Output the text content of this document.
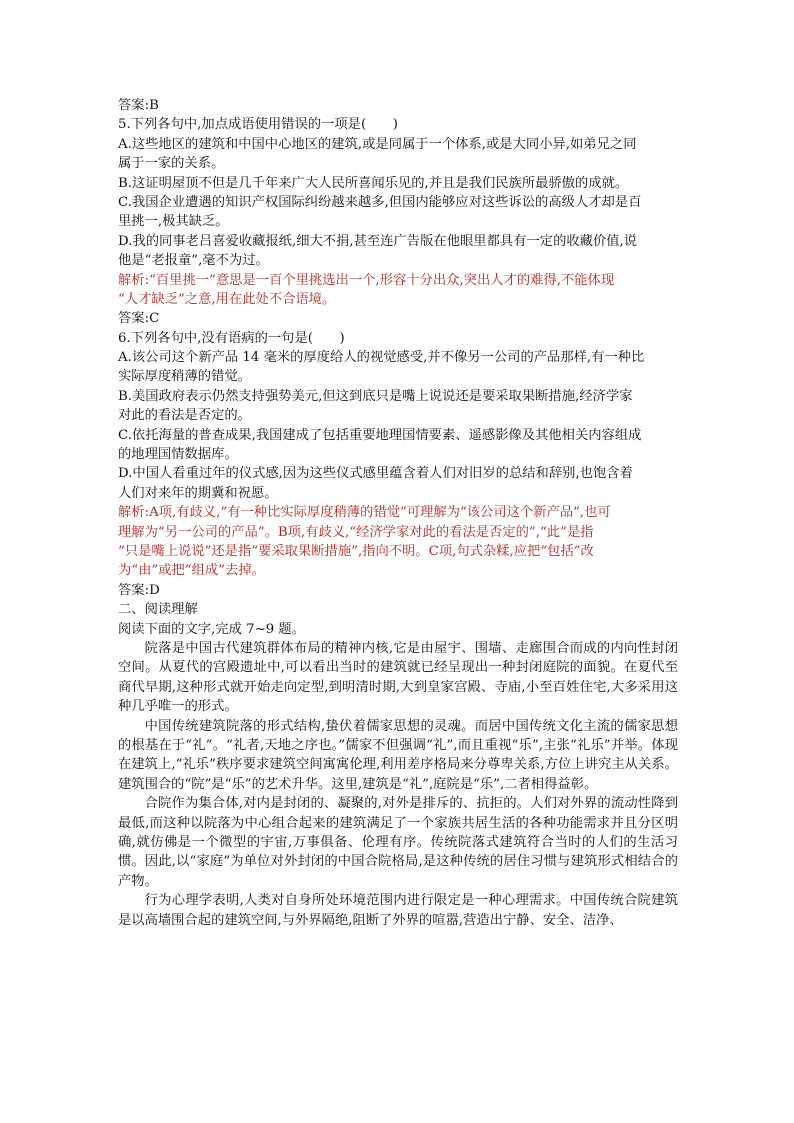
答案:B
5.下列各句中,加点成语使用错误的一项是(　　)
A.这些地区的建筑和中国中心地区的建筑,或是同属于一个体系,或是大同小异,如弟兄之同
属于一家的关系。
B.这证明屋顶不但是几千年来广大人民所喜闻乐见的,并且是我们民族所最骄傲的成就。
C.我国企业遭遇的知识产权国际纠纷越来越多,但国内能够应对这些诉讼的高级人才却是百
里挑一,极其缺乏。
D.我的同事老吕喜爱收藏报纸,细大不捐,甚至连广告版在他眼里都具有一定的收藏价值,说
他是“老报童”,毫不为过。
解析:“百里挑一”意思是一百个里挑选出一个,形容十分出众,突出人才的难得,不能体现
“人才缺乏”之意,用在此处不合语境。
答案:C
6.下列各句中,没有语病的一句是(　　)
A.该公司这个新产品 14 毫米的厚度给人的视觉感受,并不像另一公司的产品那样,有一种比
实际厚度稍薄的错觉。
B.美国政府表示仍然支持强势美元,但这到底只是嘴上说说还是要采取果断措施,经济学家
对此的看法是否定的。
C.依托海量的普查成果,我国建成了包括重要地理国情要素、遥感影像及其他相关内容组成
的地理国情数据库。
D.中国人看重过年的仪式感,因为这些仪式感里蕴含着人们对旧岁的总结和辞别,也饱含着
人们对来年的期冀和祝愿。
解析:A项,有歧义,“有一种比实际厚度稍薄的错觉”可理解为“该公司这个新产品”,也可
理解为“另一公司的产品”。B项,有歧义,“经济学家对此的看法是否定的”,“此”是指
“只是嘴上说说”还是指“要采取果断措施”,指向不明。C项,句式杂糅,应把“包括”改
为“由”或把“组成”去掉。
答案:D
二、阅读理解
阅读下面的文字,完成 7~9 题。
院落是中国古代建筑群体布局的精神内核,它是由屋宇、围墙、走廊围合而成的内向性封闭空间。从夏代的宫殿遗址中,可以看出当时的建筑就已经呈现出一种封闭庭院的面貌。在夏代至商代早期,这种形式就开始走向定型,到明清时期,大到皇家宫殿、寺庙,小至百姓住宅,大多采用这种几乎唯一的形式。
中国传统建筑院落的形式结构,蛰伏着儒家思想的灵魂。而居中国传统文化主流的儒家思想的根基在于“礼”。“礼者,天地之序也。”儒家不但强调“礼”,而且重视“乐”,主张“礼乐”并举。体现在建筑上,“礼乐”秩序要求建筑空间寓寓伦理,利用差序格局来分尊卑关系,方位上讲究主从关系。建筑围合的“院”是“乐”的艺术升华。这里,建筑是“礼”,庭院是“乐”,二者相得益彰。
合院作为集合体,对内是封闭的、凝聚的,对外是排斥的、抗拒的。人们对外界的流动性降到最低,而这种以院落为中心组合起来的建筑满足了一个家族共居生活的各种功能需求并且分区明确,就仿佛是一个微型的宇宙,万事俱备、伦理有序。传统院落式建筑符合当时的人们的生活习惯。因此,以“家庭”为单位对外封闭的中国合院格局,是这种传统的居住习惯与建筑形式相结合的产物。
行为心理学表明,人类对自身所处环境范围内进行限定是一种心理需求。中国传统合院建筑是以高墙围合起的建筑空间,与外界隔绝,阻断了外界的喧嚣,营造出宁静、安全、洁净、
